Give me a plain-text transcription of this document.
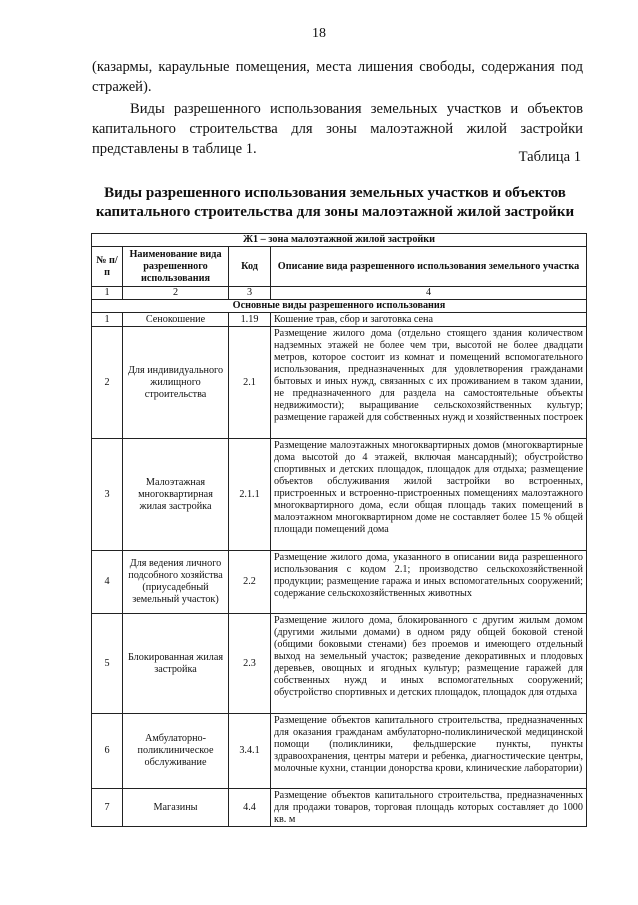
18

(казармы, караульные помещения, места лишения свободы, содержания под стражей).

Виды разрешенного использования земельных участков и объектов капитального строительства для зоны малоэтажной жилой застройки представлены в таблице 1.	Таблица 1
Виды разрешенного использования земельных участков и объектов капитального строительства для зоны малоэтажной жилой застройки
Ж1 – зона малоэтажной жилой застройки			
№ п/п	Наименование вида разрешенного использования	Код	Описание вида разрешенного использования земельного участка
1	2	3	4
Основные виды разрешенного использования			
1	Сенокошение	1.19	Кошение трав, сбор и заготовка сена
2	Для индивидуального жилищного строительства	2.1	Размещение жилого дома (отдельно стоящего здания количеством надземных этажей не более чем три, высотой не более двадцати метров, которое состоит из комнат и помещений вспомогательного использования, предназначенных для удовлетворения гражданами бытовых и иных нужд, связанных с их проживанием в таком здании, не предназначенного для раздела на самостоятельные объекты недвижимости); выращивание сельскохозяйственных культур; размещение гаражей для собственных нужд и хозяйственных построек
3	Малоэтажная многоквартирная жилая застройка	2.1.1	Размещение малоэтажных многоквартирных домов (многоквартирные дома высотой до 4 этажей, включая мансардный); обустройство спортивных и детских площадок, площадок для отдыха; размещение объектов обслуживания жилой застройки во встроенных, пристроенных и встроенно-пристроенных помещениях малоэтажного многоквартирного дома, если общая площадь таких помещений в малоэтажном многоквартирном доме не составляет более 15 % общей площади помещений дома
4	Для ведения личного подсобного хозяйства (приусадебный земельный участок)	2.2	Размещение жилого дома, указанного в описании вида разрешенного использования с кодом 2.1; производство сельскохозяйственной продукции; размещение гаража и иных вспомогательных сооружений; содержание сельскохозяйственных животных
5	Блокированная жилая застройка	2.3	Размещение жилого дома, блокированного с другим жилым домом (другими жилыми домами) в одном ряду общей боковой стеной (общими боковыми стенами) без проемов и имеющего отдельный выход на земельный участок; разведение декоративных и плодовых деревьев, овощных и ягодных культур; размещение гаражей для собственных нужд и иных вспомогательных сооружений; обустройство спортивных и детских площадок, площадок для отдыха
6	Амбулаторно-поликлиническое обслуживание	3.4.1	Размещение объектов капитального строительства, предназначенных для оказания гражданам амбулаторно-поликлинической медицинской помощи (поликлиники, фельдшерские пункты, пункты здравоохранения, центры матери и ребенка, диагностические центры, молочные кухни, станции донорства крови, клинические лаборатории)
7	Магазины	4.4	Размещение объектов капитального строительства, предназначенных для продажи товаров, торговая площадь которых составляет до 1000 кв. м
